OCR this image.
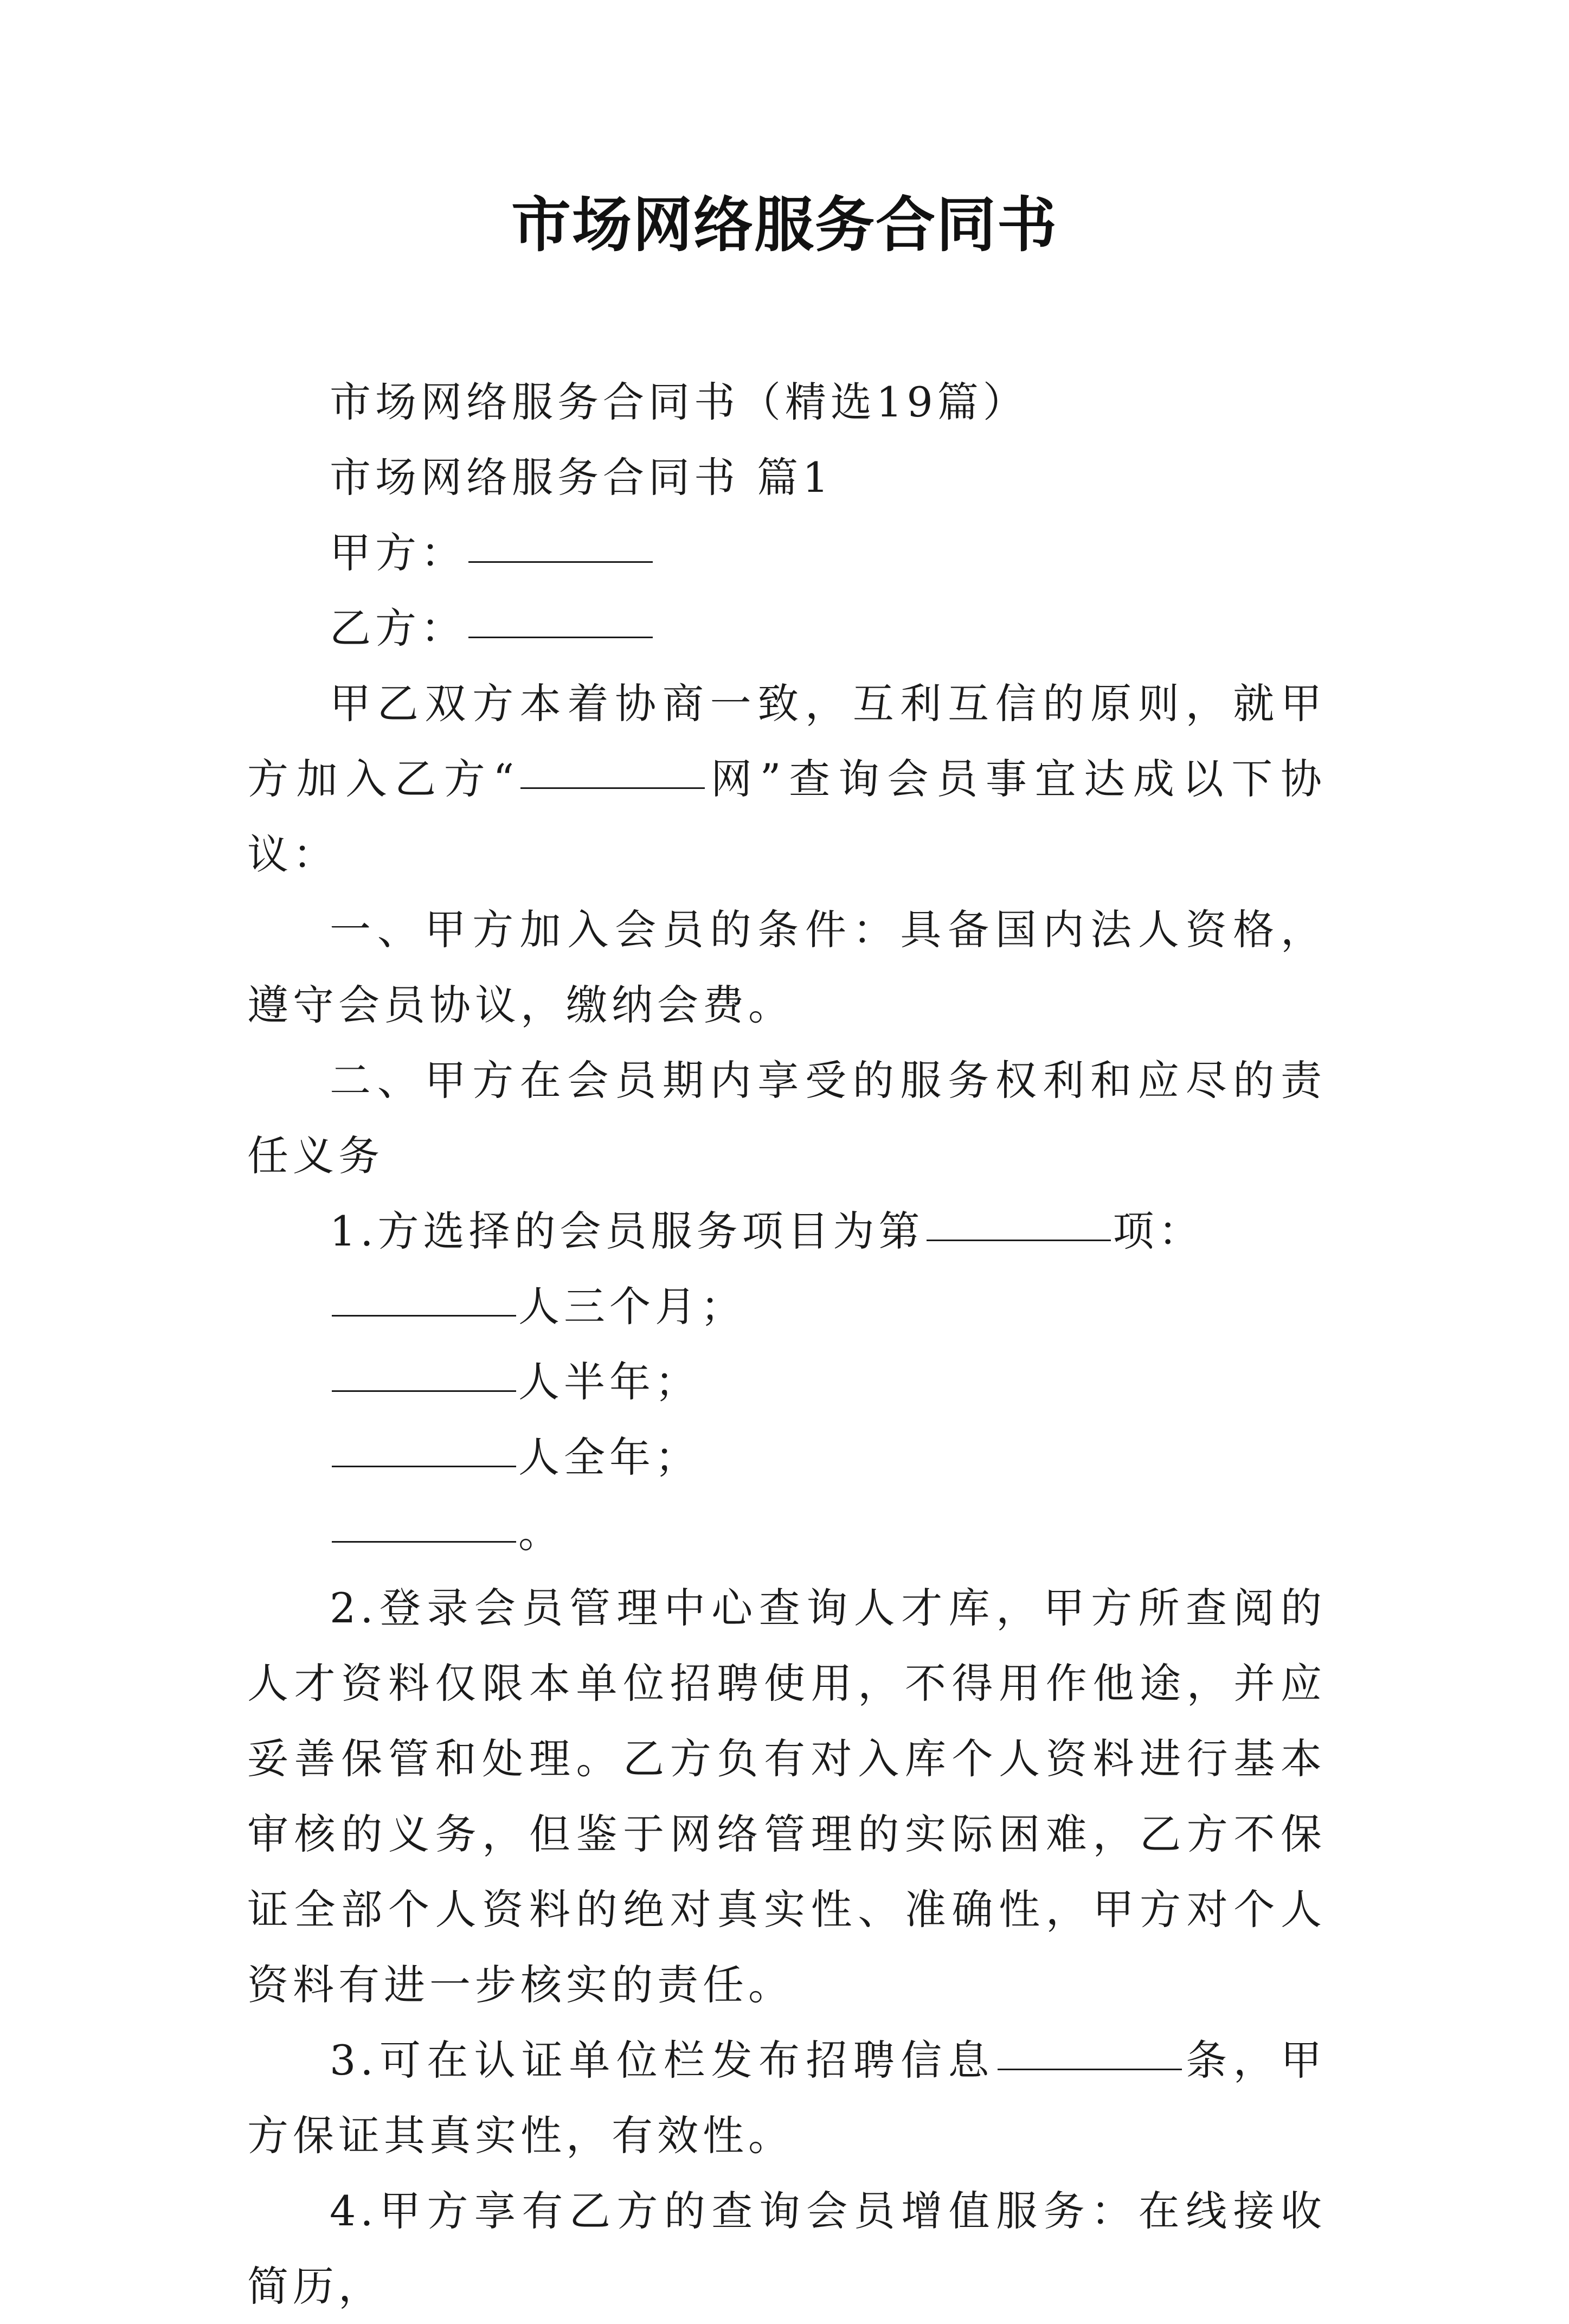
市场网络服务合同书

市场网络服务合同书（精选19篇）

市场网络服务合同书 篇1

甲方：

乙方：

甲乙双方本着协商一致，互利互信的原则，就甲方加入乙方“	网”查询会员事宜达成以下协议：

一、甲方加入会员的条件：具备国内法人资格，遵守会员协议，缴纳会费。

二、甲方在会员期内享受的服务权利和应尽的责任义务

1.方选择的会员服务项目为第	项：

人三个月；

人半年；

人全年；

。

2.登录会员管理中心查询人才库，甲方所查阅的人才资料仅限本单位招聘使用，不得用作他途，并应妥善保管和处理。乙方负有对入库个人资料进行基本审核的义务，但鉴于网络管理的实际困难，乙方不保证全部个人资料的绝对真实性、准确性，甲方对个人资料有进一步核实的责任。

3.可在认证单位栏发布招聘信息	条，甲方保证其真实性，有效性。

4.甲方享有乙方的查询会员增值服务：在线接收简历，
